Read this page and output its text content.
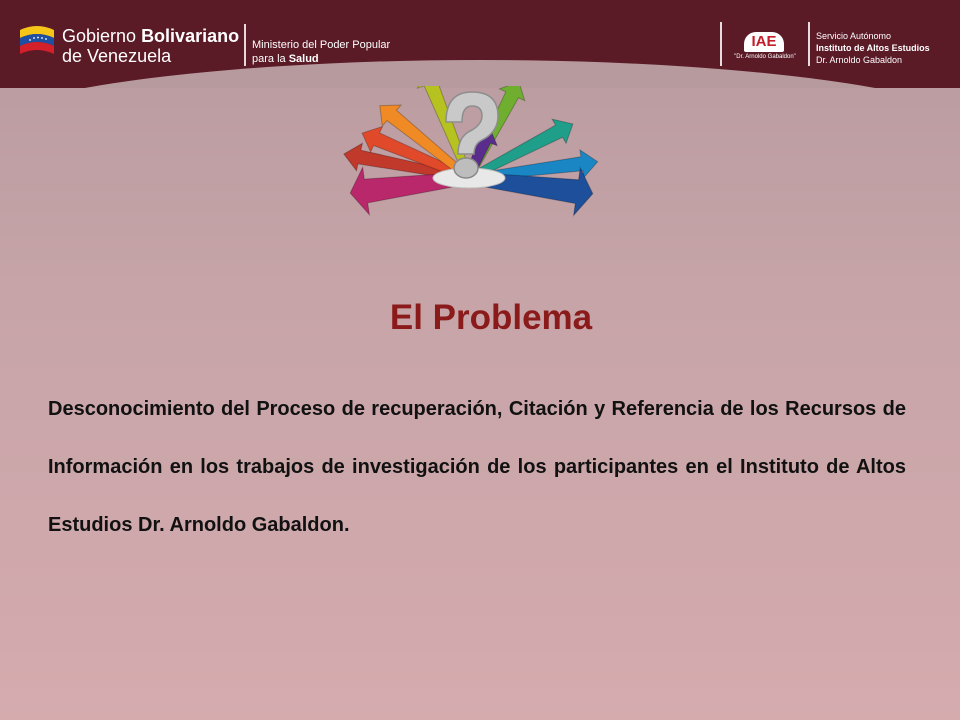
Gobierno Bolivariano
de Venezuela
Ministerio del Poder Popular
para la Salud
IAE
"Dr. Arnoldo Gabaldon"
Servicio Autónomo
Instituto de Altos Estudios
Dr. Arnoldo Gabaldon
El Problema
Desconocimiento del Proceso de recuperación, Citación y Referencia de los Recursos de Información en los trabajos de investigación de los participantes en el Instituto de Altos Estudios Dr. Arnoldo Gabaldon.
